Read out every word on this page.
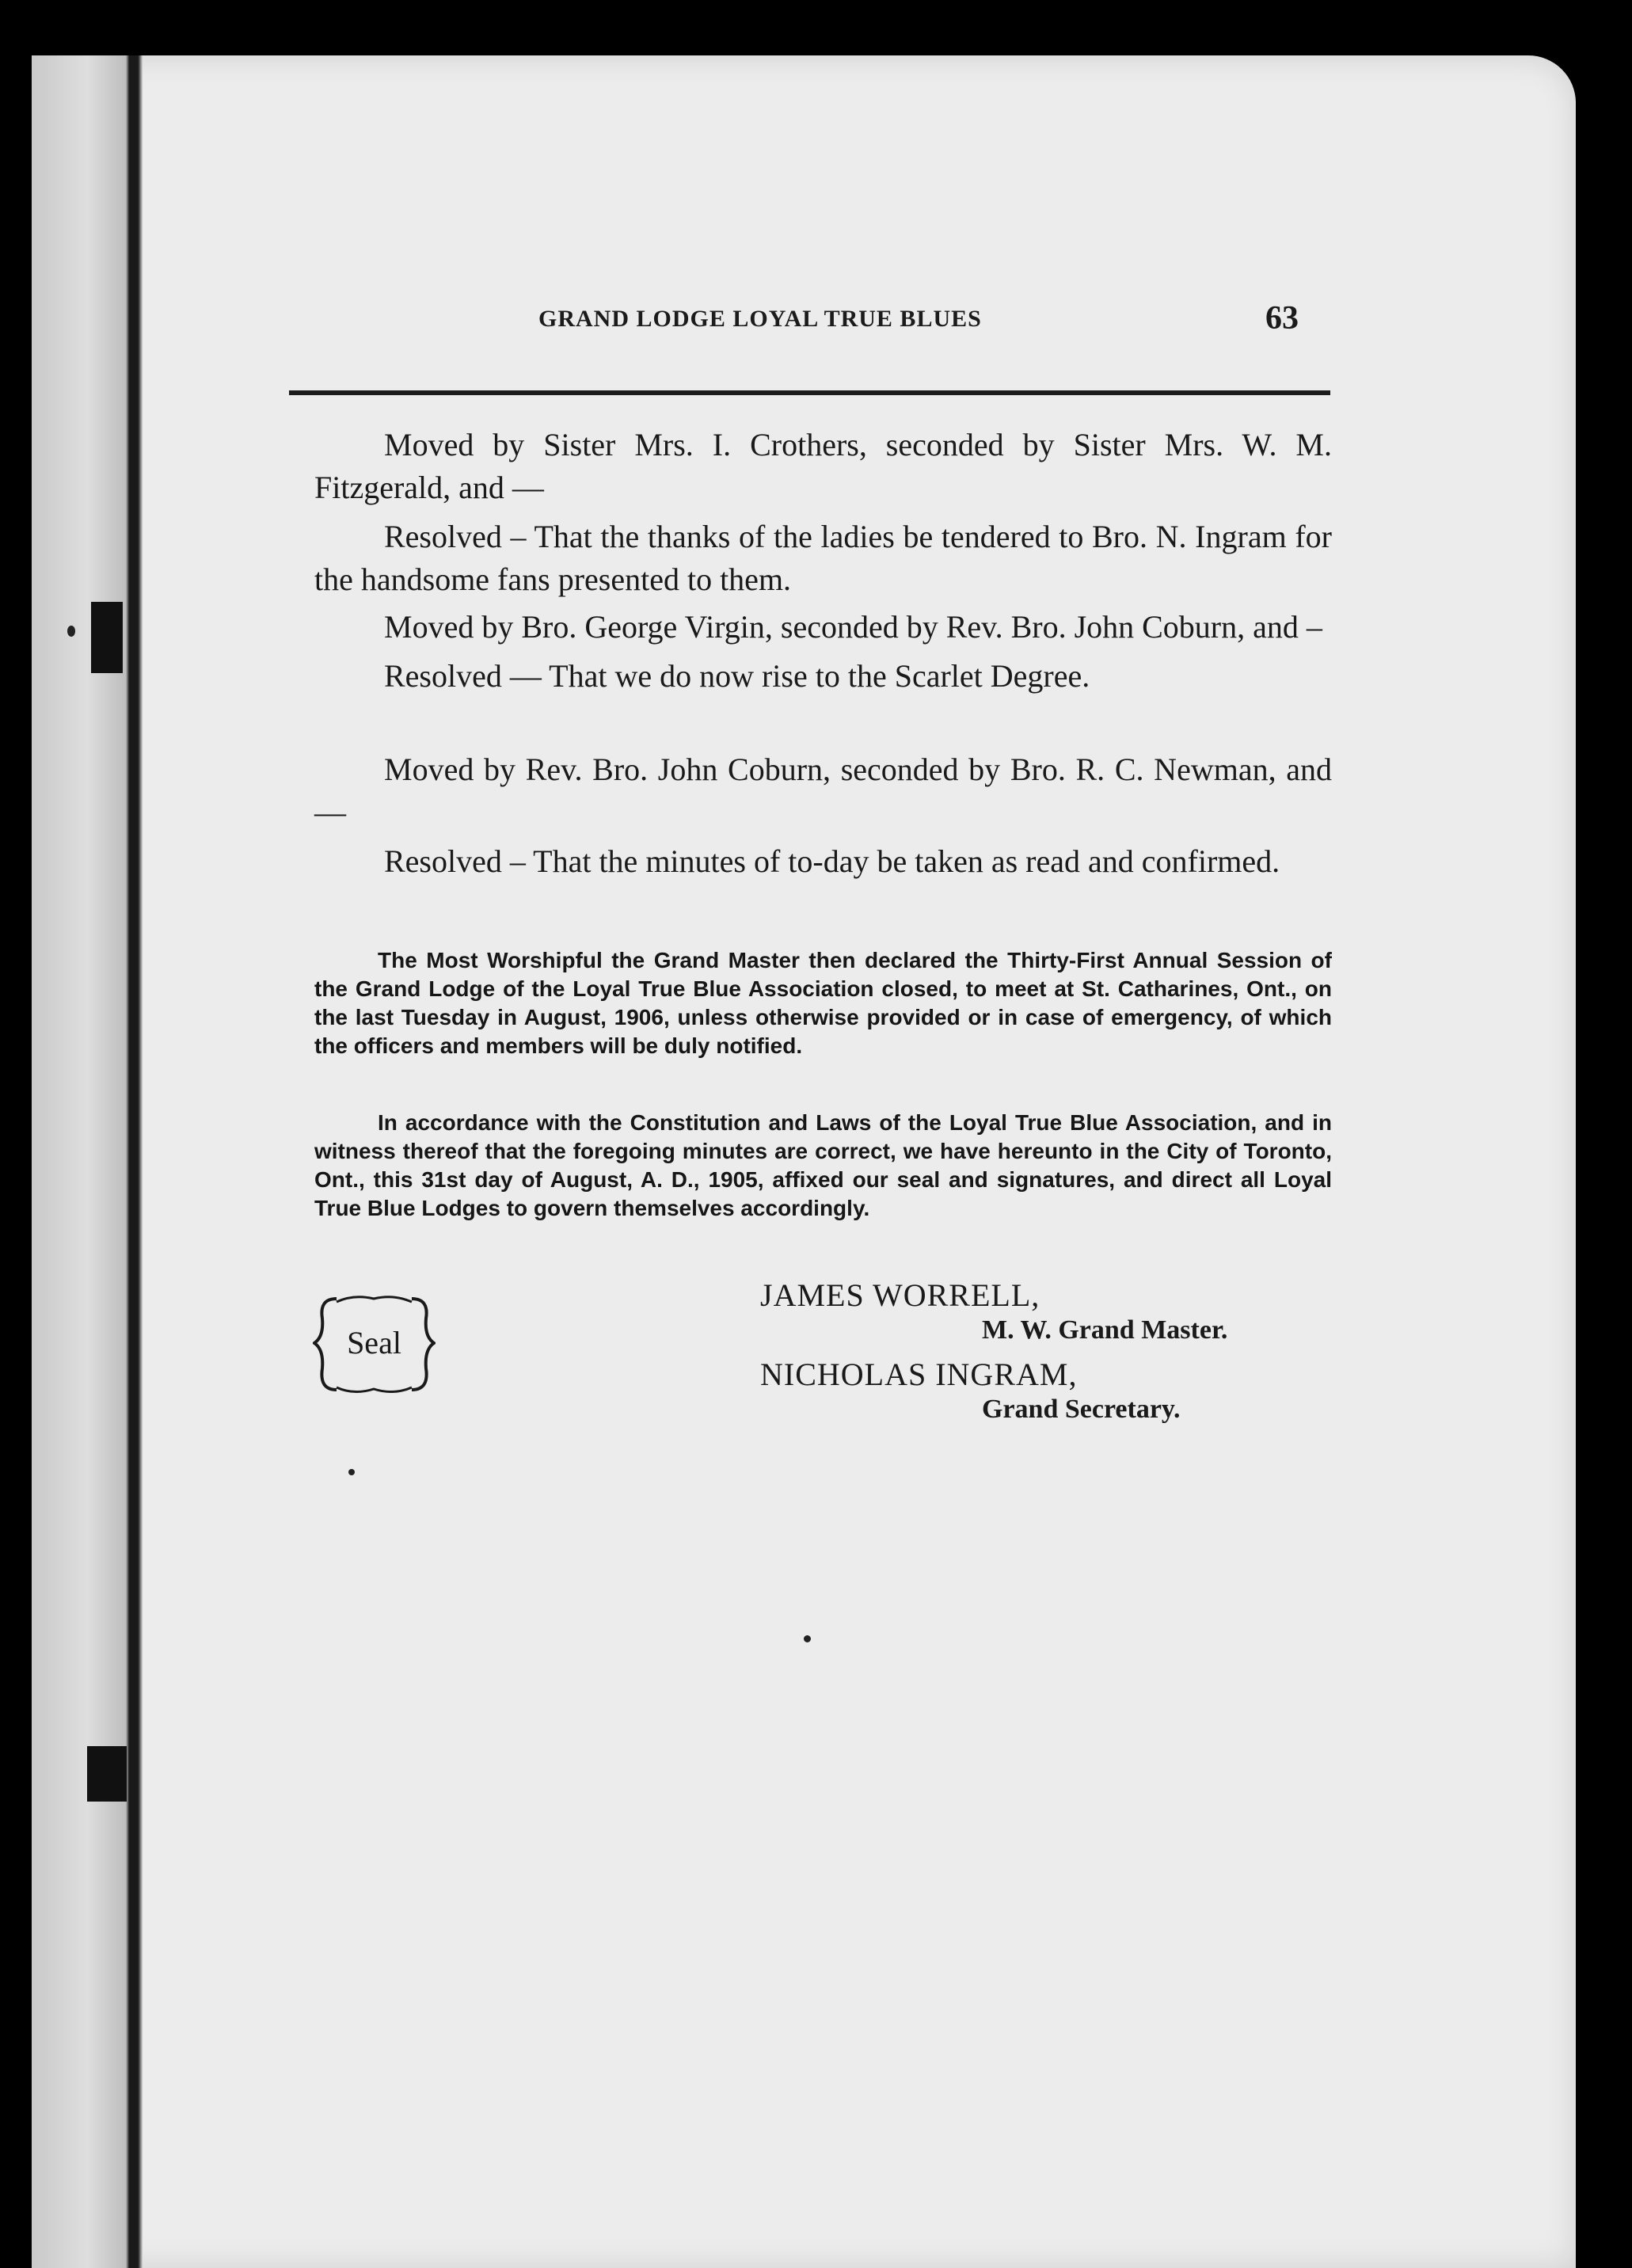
GRAND LODGE LOYAL TRUE BLUES	63

Moved by Sister Mrs. I. Crothers, seconded by Sister Mrs. W. M. Fitzgerald, and —

Resolved – That the thanks of the ladies be tendered to Bro. N. Ingram for the handsome fans presented to them.

Moved by Bro. George Virgin, seconded by Rev. Bro. John Coburn, and –

Resolved — That we do now rise to the Scarlet Degree.

Moved by Rev. Bro. John Coburn, seconded by Bro. R. C. Newman, and—

Resolved – That the minutes of to-day be taken as read and confirmed.

The Most Worshipful the Grand Master then declared the Thirty-First Annual Session of the Grand Lodge of the Loyal True Blue Association closed, to meet at St. Catharines, Ont., on the last Tuesday in August, 1906, unless otherwise provided or in case of emergency, of which the officers and members will be duly notified.

In accordance with the Constitution and Laws of the Loyal True Blue Association, and in witness thereof that the foregoing minutes are correct, we have hereunto in the City of Toronto, Ont., this 31st day of August, A. D., 1905, affixed our seal and signatures, and direct all Loyal True Blue Lodges to govern themselves accordingly.

Seal
JAMES WORRELL,
M. W. Grand Master.
NICHOLAS INGRAM,
Grand Secretary.
